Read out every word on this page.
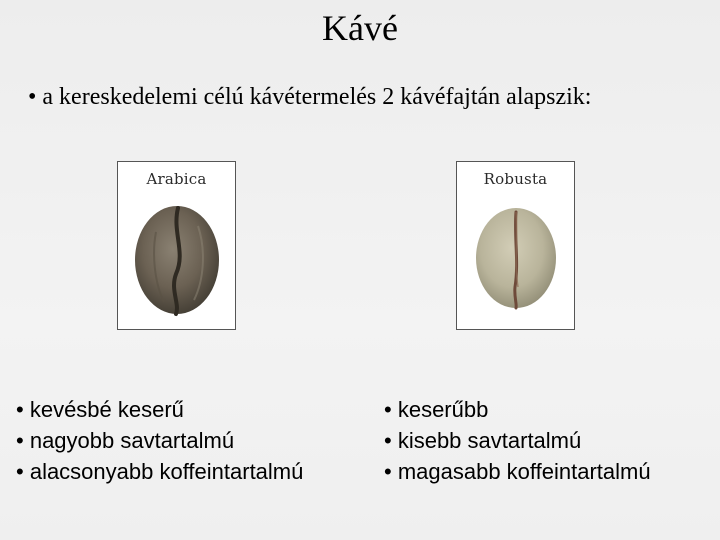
Kávé
• a kereskedelemi célú kávétermelés 2 kávéfajtán alapszik:
Arabica	Robusta
• kevésbé keserű
• nagyobb savtartalmú
• alacsonyabb koffeintartalmú
• keserűbb
• kisebb savtartalmú
• magasabb koffeintartalmú
